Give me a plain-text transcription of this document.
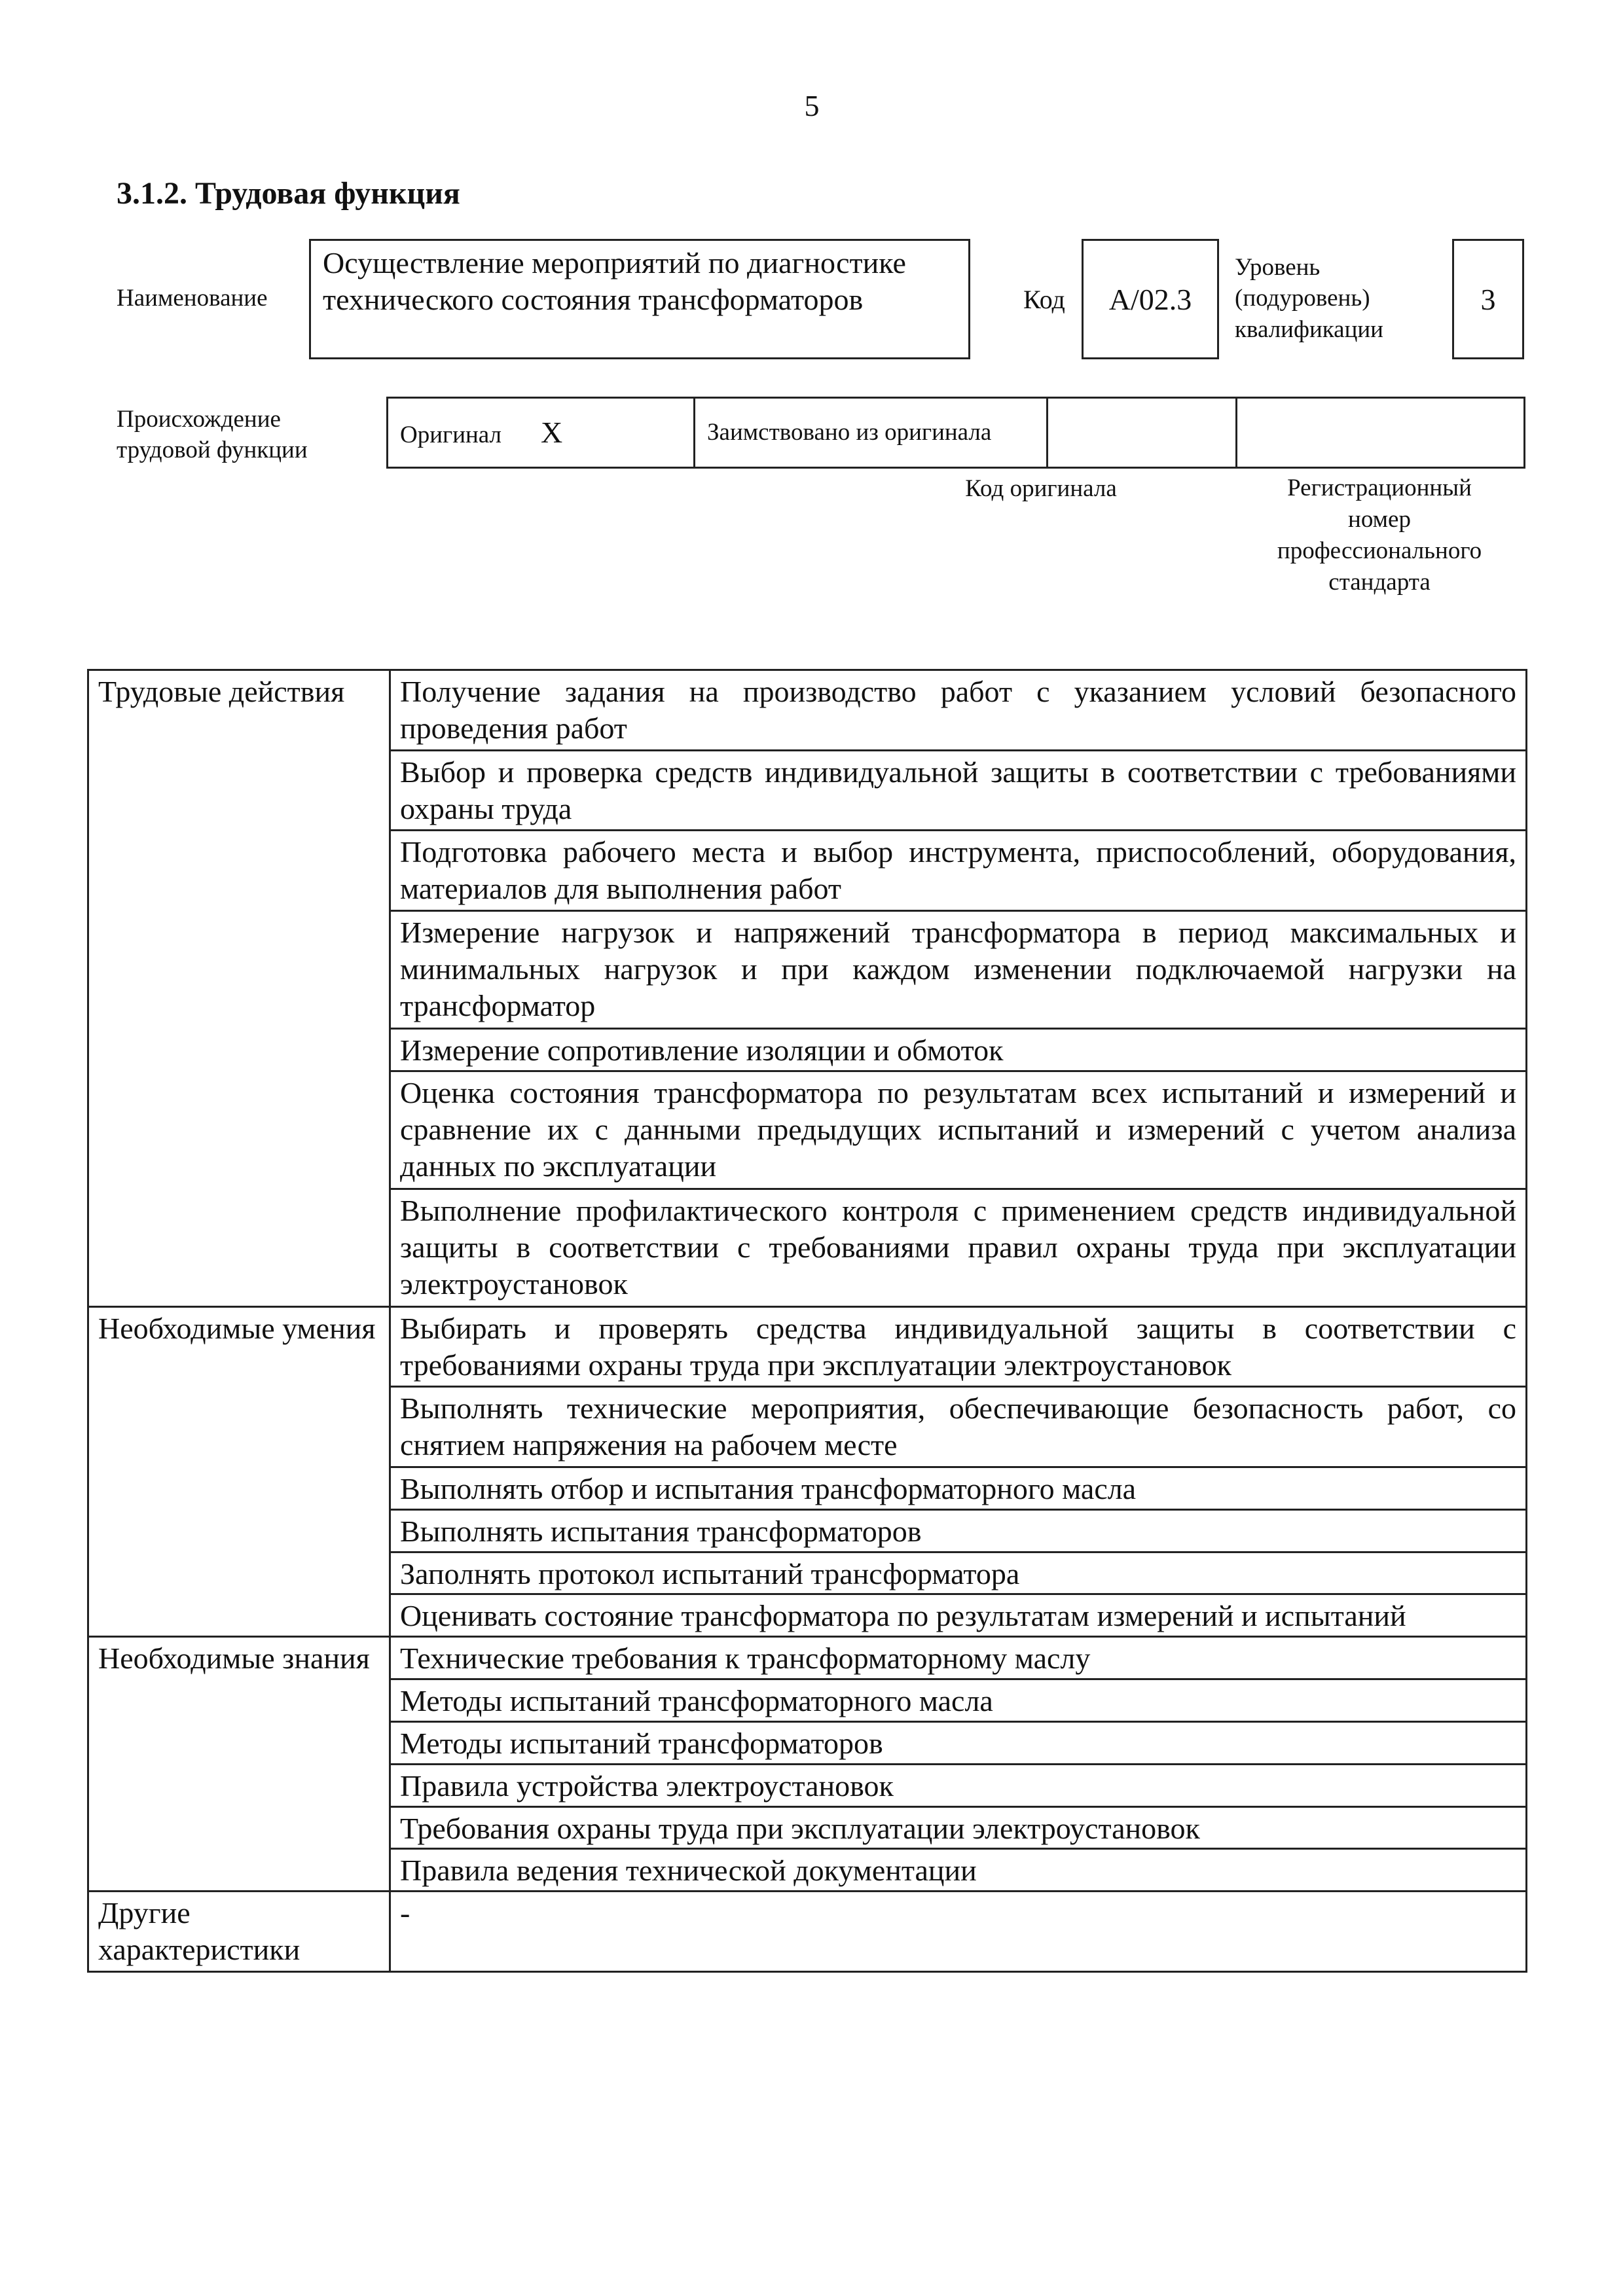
5
3.1.2. Трудовая функция
Наименование
Осуществление мероприятий по диагностике технического состояния трансформаторов	Код	A/02.3
Уровень (подуровень) квалификации
3
Происхождение трудовой функции
Оригинал X	Заимствовано из оригинала		
Код оригинала	Регистрационный номер профессионального стандарта
Трудовые действия	Получение задания на производство работ с указанием условий безопасного проведения работ
	Выбор и проверка средств индивидуальной защиты в соответствии с требованиями охраны труда
	Подготовка рабочего места и выбор инструмента, приспособлений, оборудования, материалов для выполнения работ
	Измерение нагрузок и напряжений трансформатора в период максимальных и минимальных нагрузок и при каждом изменении подключаемой нагрузки на трансформатор
	Измерение сопротивление изоляции и обмоток
	Оценка состояния трансформатора по результатам всех испытаний и измерений и сравнение их с данными предыдущих испытаний и измерений с учетом анализа данных по эксплуатации
	Выполнение профилактического контроля с применением средств индивидуальной защиты в соответствии с требованиями правил охраны труда при эксплуатации электроустановок
Необходимые умения	Выбирать и проверять средства индивидуальной защиты в соответствии с требованиями охраны труда при эксплуатации электроустановок
	Выполнять технические мероприятия, обеспечивающие безопасность работ, со снятием напряжения на рабочем месте
	Выполнять отбор и испытания трансформаторного масла
	Выполнять испытания трансформаторов
	Заполнять протокол испытаний трансформатора
	Оценивать состояние трансформатора по результатам измерений и испытаний
Необходимые знания	Технические требования к трансформаторному маслу
	Методы испытаний трансформаторного масла
	Методы испытаний трансформаторов
	Правила устройства электроустановок
	Требования охраны труда при эксплуатации электроустановок
	Правила ведения технической документации
Другие характеристики	-
